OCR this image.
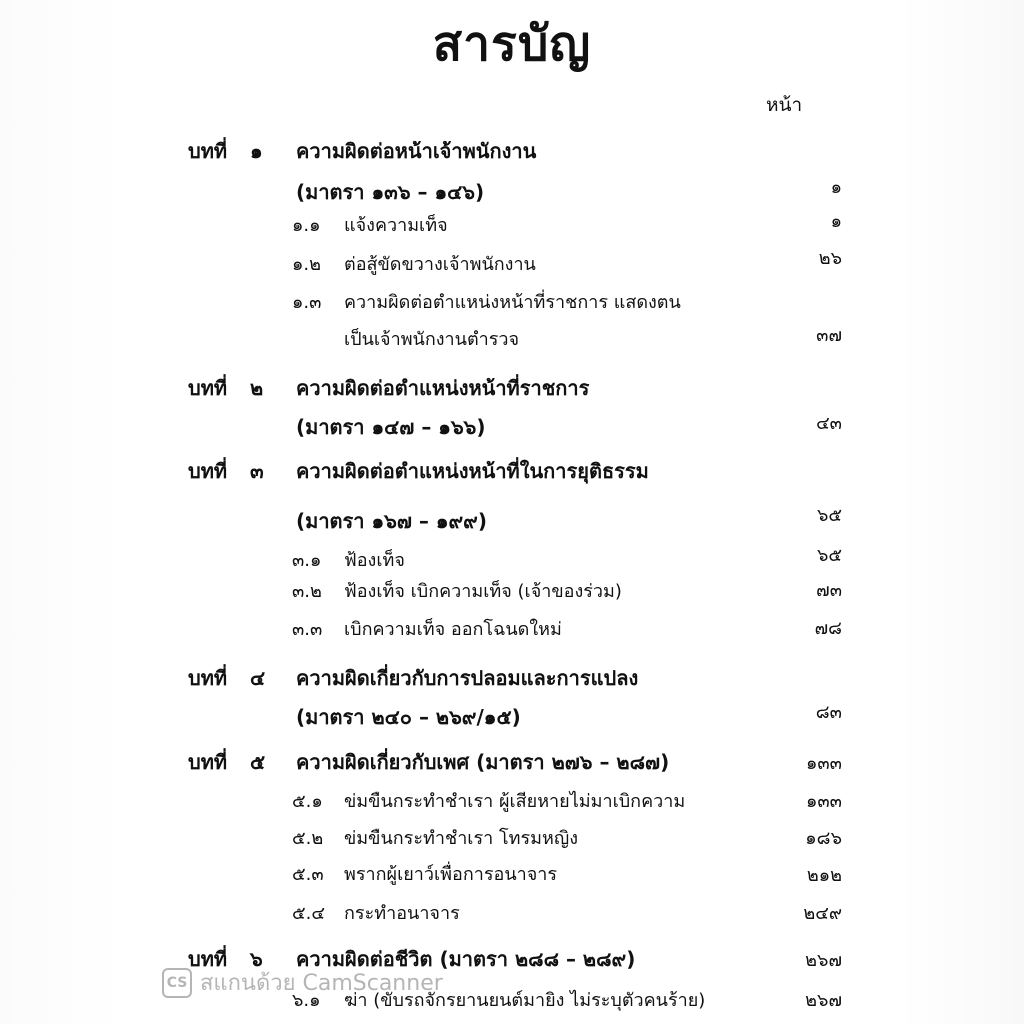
สารบัญ
หน้า
บทที่ ๑ ความผิดต่อหน้าเจ้าพนักงาน
(มาตรา ๑๓๖ – ๑๔๖)	๑
๑.๑ แจ้งความเท็จ	๑
๑.๒ ต่อสู้ขัดขวางเจ้าพนักงาน	๒๖
๑.๓ ความผิดต่อตำแหน่งหน้าที่ราชการ แสดงตน
เป็นเจ้าพนักงานตำรวจ	๓๗
บทที่ ๒ ความผิดต่อตำแหน่งหน้าที่ราชการ
(มาตรา ๑๔๗ – ๑๖๖)	๔๓
บทที่ ๓ ความผิดต่อตำแหน่งหน้าที่ในการยุติธรรม
(มาตรา ๑๖๗ – ๑๙๙)	๖๕
๓.๑ ฟ้องเท็จ	๖๕
๓.๒ ฟ้องเท็จ เบิกความเท็จ (เจ้าของร่วม)	๗๓
๓.๓ เบิกความเท็จ ออกโฉนดใหม่	๗๘
บทที่ ๔ ความผิดเกี่ยวกับการปลอมและการแปลง
(มาตรา ๒๔๐ – ๒๖๙/๑๕)	๘๓
บทที่ ๕ ความผิดเกี่ยวกับเพศ (มาตรา ๒๗๖ – ๒๘๗)	๑๓๓
๕.๑ ข่มขืนกระทำชำเรา ผู้เสียหายไม่มาเบิกความ	๑๓๓
๕.๒ ข่มขืนกระทำชำเรา โทรมหญิง	๑๘๖
๕.๓ พรากผู้เยาว์เพื่อการอนาจาร	๒๑๒
๕.๔ กระทำอนาจาร	๒๔๙
บทที่ ๖ ความผิดต่อชีวิต (มาตรา ๒๘๘ – ๒๘๙)	๒๖๗
๖.๑ ฆ่า (ขับรถจักรยานยนต์มายิง ไม่ระบุตัวคนร้าย)	๒๖๗
CS สแกนด้วย CamScanner
